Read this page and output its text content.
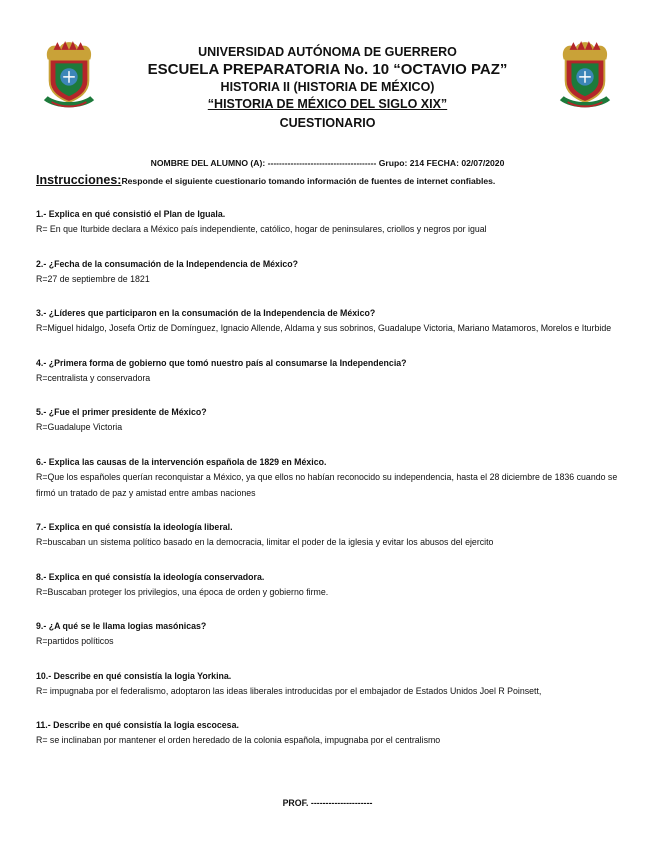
UNIVERSIDAD AUTÓNOMA DE GUERRERO
ESCUELA PREPARATORIA No. 10 “OCTAVIO PAZ”
HISTORIA II (HISTORIA DE MÉXICO)
“HISTORIA DE MÉXICO DEL SIGLO XIX”
CUESTIONARIO
NOMBRE DEL ALUMNO (A): -------------------------------------- Grupo: 214 FECHA: 02/07/2020
Instrucciones:Responde el siguiente cuestionario tomando información de fuentes de internet confiables.
1.- Explica en qué consistió el Plan de Iguala.
R= En que Iturbide declara a México país independiente, católico, hogar de peninsulares, criollos y negros por igual
2.- ¿Fecha de la consumación de la Independencia de México?
R=27 de septiembre de 1821
3.- ¿Líderes que participaron en la consumación de la Independencia de México?
R=Miguel hidalgo, Josefa Ortiz de Domínguez, Ignacio Allende, Aldama y sus sobrinos, Guadalupe Victoria, Mariano Matamoros, Morelos e Iturbide
4.- ¿Primera forma de gobierno que tomó nuestro país al consumarse la Independencia?
R=centralista y conservadora
5.- ¿Fue el primer presidente de México?
R=Guadalupe Victoria
6.- Explica las causas de la intervención española de 1829 en México.
R=Que los españoles querían reconquistar a México, ya que ellos no habían reconocido su independencia, hasta el 28 diciembre de 1836 cuando se firmó un tratado de paz y amistad entre ambas naciones
7.- Explica en qué consistía la ideología liberal.
R=buscaban un sistema político basado en la democracia, limitar el poder de la iglesia y evitar los abusos del ejercito
8.- Explica en qué consistía la ideología conservadora.
R=Buscaban proteger los privilegios, una época de orden y gobierno firme.
9.- ¿A qué se le llama logias masónicas?
R=partidos políticos
10.- Describe en qué consistía la logia Yorkina.
R= impugnaba por el federalismo, adoptaron las ideas liberales introducidas por el embajador de Estados Unidos Joel R Poinsett,
11.- Describe en qué consistía la logia escocesa.
R= se inclinaban por mantener el orden heredado de la colonia española, impugnaba por el centralismo
PROF. ---------------------
